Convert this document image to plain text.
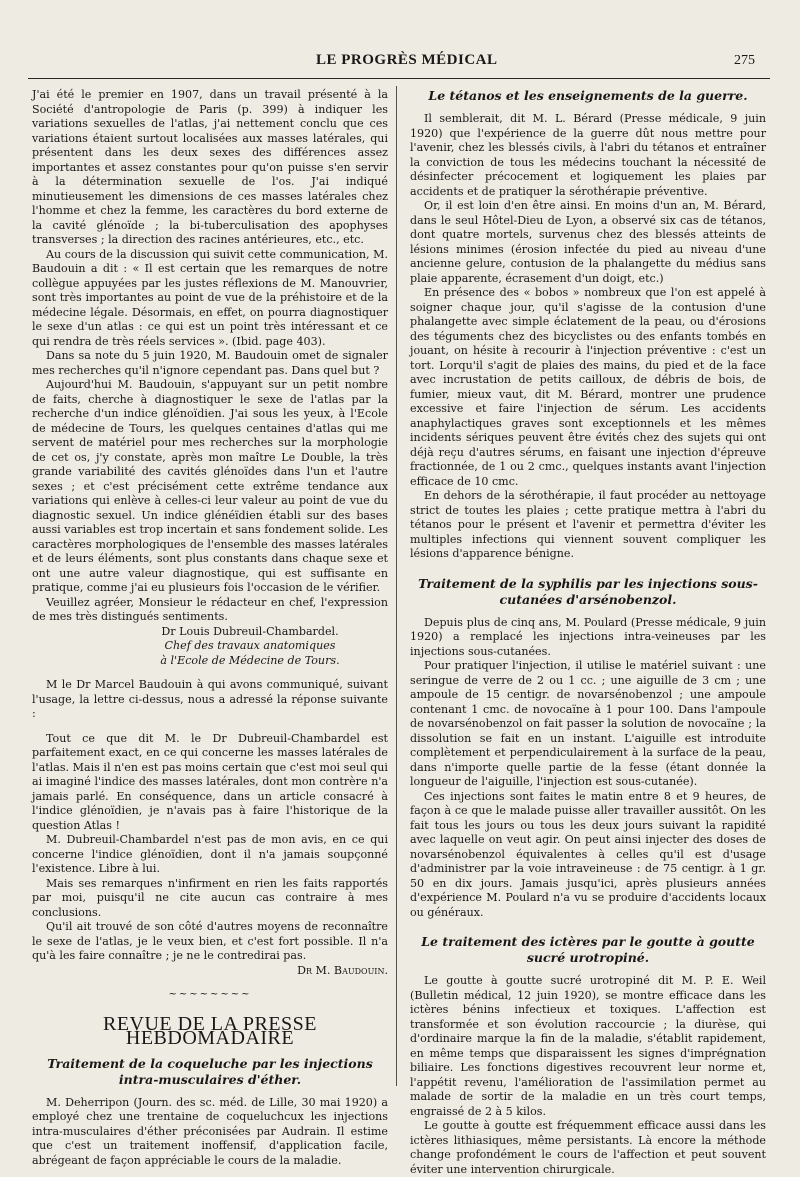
LE PROGRÈS MÉDICAL	275

J'ai été le premier en 1907, dans un travail présenté à la Société d'antropologie de Paris (p. 399) à indiquer les variations sexuelles de l'atlas, j'ai nettement conclu que ces variations étaient surtout localisées aux masses latérales, qui présentent dans les deux sexes des différences assez importantes et assez constantes pour qu'on puisse s'en servir à la détermination sexuelle de l'os. J'ai indiqué minutieusement les dimensions de ces masses latérales chez l'homme et chez la femme, les caractères du bord externe de la cavité glénoïde ; la bi-tuberculisation des apophyses transverses ; la direction des racines antérieures, etc., etc.

Au cours de la discussion qui suivit cette communication, M. Baudouin a dit : « Il est certain que les remarques de notre collègue appuyées par les justes réflexions de M. Manouvrier, sont très importantes au point de vue de la préhistoire et de la médecine légale. Désormais, en effet, on pourra diagnostiquer le sexe d'un atlas : ce qui est un point très intéressant et ce qui rendra de très réels services ». (Ibid. page 403).

Dans sa note du 5 juin 1920, M. Baudouin omet de signaler mes recherches qu'il n'ignore cependant pas. Dans quel but ?

Aujourd'hui M. Baudouin, s'appuyant sur un petit nombre de faits, cherche à diagnostiquer le sexe de l'atlas par la recherche d'un indice glénoïdien. J'ai sous les yeux, à l'Ecole de médecine de Tours, les quelques centaines d'atlas qui me servent de matériel pour mes recherches sur la morphologie de cet os, j'y constate, après mon maître Le Double, la très grande variabilité des cavités glénoïdes dans l'un et l'autre sexes ; et c'est précisément cette extrême tendance aux variations qui enlève à celles-ci leur valeur au point de vue du diagnostic sexuel. Un indice glénéïdien établi sur des bases aussi variables est trop incertain et sans fondement solide. Les caractères morphologiques de l'ensemble des masses latérales et de leurs éléments, sont plus constants dans chaque sexe et ont une autre valeur diagnostique, qui est suffisante en pratique, comme j'ai eu plusieurs fois l'occasion de le vérifier.

Veuillez agréer, Monsieur le rédacteur en chef, l'expression de mes très distingués sentiments.

Dr Louis Dubreuil-Chambardel.
Chef des travaux anatomiques
à l'Ecole de Médecine de Tours.

M le Dr Marcel Baudouin à qui avons communiqué, suivant l'usage, la lettre ci-dessus, nous a adressé la réponse suivante :

Tout ce que dit M. le Dr Dubreuil-Chambardel est parfaitement exact, en ce qui concerne les masses latérales de l'atlas. Mais il n'en est pas moins certain que c'est moi seul qui ai imaginé l'indice des masses latérales, dont mon contrère n'a jamais parlé. En conséquence, dans un article consacré à l'indice glénoïdien, je n'avais pas à faire l'historique de la question Atlas !

M. Dubreuil-Chambardel n'est pas de mon avis, en ce qui concerne l'indice glénoïdien, dont il n'a jamais soupçonné l'existence. Libre à lui.

Mais ses remarques n'infirment en rien les faits rapportés par moi, puisqu'il ne cite aucun cas contraire à mes conclusions.

Qu'il ait trouvé de son côté d'autres moyens de reconnaître le sexe de l'atlas, je le veux bien, et c'est fort possible. Il n'a qu'à les faire connaître ; je ne le contredirai pas.

Dr M. Baudouin.
~~~~~~~~
REVUE DE LA PRESSE HEBDOMADAIRE
Traitement de la coqueluche par les injections intra-musculaires d'éther.

M. Deherripon (Journ. des sc. méd. de Lille, 30 mai 1920) a employé chez une trentaine de coqueluchcux les injections intra-musculaires d'éther préconisées par Audrain. Il estime que c'est un traitement inoffensif, d'application facile, abrégeant de façon appréciable le cours de la maladie.

Le tétanos et les enseignements de la guerre.

Il semblerait, dit M. L. Bérard (Presse médicale, 9 juin 1920) que l'expérience de la guerre dût nous mettre pour l'avenir, chez les blessés civils, à l'abri du tétanos et entraîner la conviction de tous les médecins touchant la nécessité de désinfecter précocement et logiquement les plaies par accidents et de pratiquer la sérothérapie préventive.

Or, il est loin d'en être ainsi. En moins d'un an, M. Bérard, dans le seul Hôtel-Dieu de Lyon, a observé six cas de tétanos, dont quatre mortels, survenus chez des blessés atteints de lésions minimes (érosion infectée du pied au niveau d'une ancienne gelure, contusion de la phalangette du médius sans plaie apparente, écrasement d'un doigt, etc.)

En présence des « bobos » nombreux que l'on est appelé à soigner chaque jour, qu'il s'agisse de la contusion d'une phalangette avec simple éclatement de la peau, ou d'érosions des téguments chez des bicyclistes ou des enfants tombés en jouant, on hésite à recourir à l'injection préventive : c'est un tort. Lorqu'il s'agit de plaies des mains, du pied et de la face avec incrustation de petits cailloux, de débris de bois, de fumier, mieux vaut, dit M. Bérard, montrer une prudence excessive et faire l'injection de sérum. Les accidents anaphylactiques graves sont exceptionnels et les mêmes incidents sériques peuvent être évités chez des sujets qui ont déjà reçu d'autres sérums, en faisant une injection d'épreuve fractionnée, de 1 ou 2 cmc., quelques instants avant l'injection efficace de 10 cmc.

En dehors de la sérothérapie, il faut procéder au nettoyage strict de toutes les plaies ; cette pratique mettra à l'abri du tétanos pour le présent et l'avenir et permettra d'éviter les multiples infections qui viennent souvent compliquer les lésions d'apparence bénigne.

Traitement de la syphilis par les injections sous-cutanées d'arsénobenzol.

Depuis plus de cinq ans, M. Poulard (Presse médicale, 9 juin 1920) a remplacé les injections intra-veineuses par les injections sous-cutanées.

Pour pratiquer l'injection, il utilise le matériel suivant : une seringue de verre de 2 ou 1 cc. ; une aiguille de 3 cm ; une ampoule de 15 centigr. de novarsénobenzol ; une ampoule contenant 1 cmc. de novocaïne à 1 pour 100. Dans l'ampoule de novarsénobenzol on fait passer la solution de novocaïne ; la dissolution se fait en un instant. L'aiguille est introduite complètement et perpendiculairement à la surface de la peau, dans n'importe quelle partie de la fesse (étant donnée la longueur de l'aiguille, l'injection est sous-cutanée).

Ces injections sont faites le matin entre 8 et 9 heures, de façon à ce que le malade puisse aller travailler aussitôt. On les fait tous les jours ou tous les deux jours suivant la rapidité avec laquelle on veut agir. On peut ainsi injecter des doses de novarsénobenzol équivalentes à celles qu'il est d'usage d'administrer par la voie intraveineuse : de 75 centigr. à 1 gr. 50 en dix jours. Jamais jusqu'ici, après plusieurs années d'expérience M. Poulard n'a vu se produire d'accidents locaux ou généraux.

Le traitement des ictères par le goutte à goutte sucré urotropiné.

Le goutte à goutte sucré urotropiné dit M. P. E. Weil (Bulletin médical, 12 juin 1920), se montre efficace dans les ictères bénins infectieux et toxiques. L'affection est transformée et son évolution raccourcie ; la diurèse, qui d'ordinaire marque la fin de la maladie, s'établit rapidement, en même temps que disparaissent les signes d'imprégnation biliaire. Les fonctions digestives recouvrent leur norme et, l'appétit revenu, l'amélioration de l'assimilation permet au malade de sortir de la maladie en un très court temps, engraissé de 2 à 5 kilos.

Le goutte à goutte est fréquemment efficace aussi dans les ictères lithiasiques, même persistants. Là encore la méthode change profondément le cours de l'affection et peut souvent éviter une intervention chirurgicale.
